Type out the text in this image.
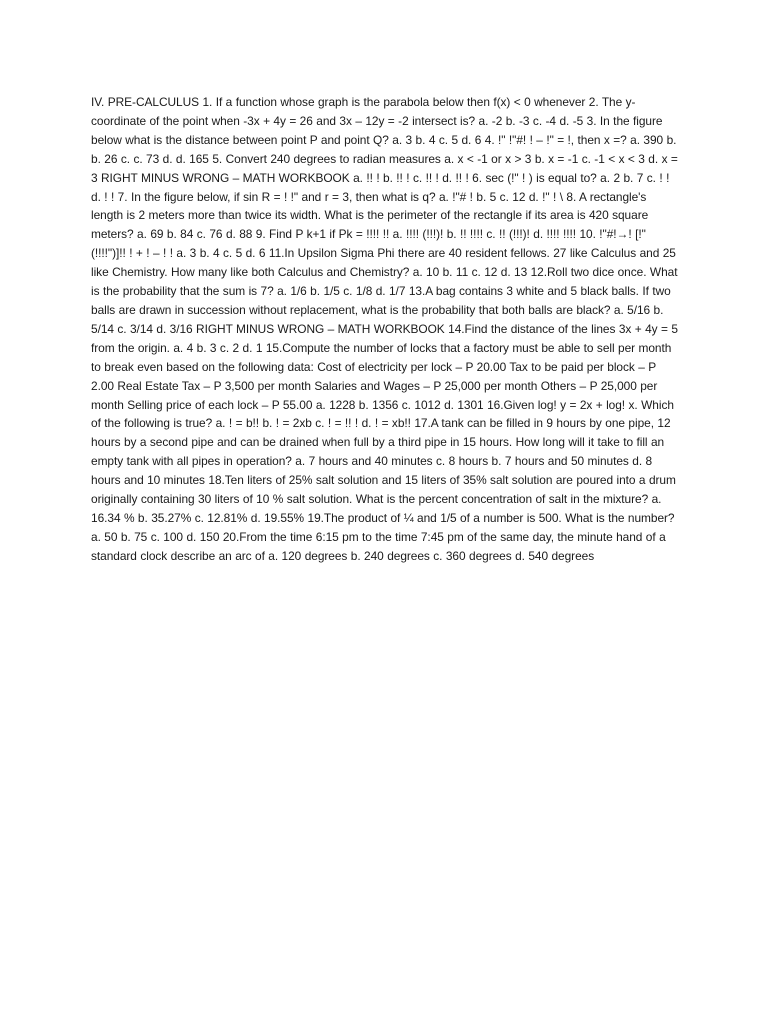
IV. PRE-CALCULUS 1. If a function whose graph is the parabola below then f(x) < 0 whenever 2. The y-coordinate of the point when -3x + 4y = 26 and 3x – 12y = -2 intersect is? a. -2 b. -3 c. -4 d. -5 3. In the figure below what is the distance between point P and point Q? a. 3 b. 4 c. 5 d. 6 4. !" !"#! ! – !" = !, then x =? a. 390 b. b. 26 c. c. 73 d. d. 165 5. Convert 240 degrees to radian measures a. x < -1 or x > 3 b. x = -1 c. -1 < x < 3 d. x = 3 RIGHT MINUS WRONG – MATH WORKBOOK a. !! ! b. !! ! c. !! ! d. !! ! 6. sec (!" ! ) is equal to? a. 2 b. 7 c. ! ! d. ! ! 7. In the figure below, if sin R = ! !" and r = 3, then what is q? a. !"# ! b. 5 c. 12 d. !" ! \ 8. A rectangle's length is 2 meters more than twice its width. What is the perimeter of the rectangle if its area is 420 square meters? a. 69 b. 84 c. 76 d. 88 9. Find P k+1 if Pk = !!!! !! a. !!!! (!!!)! b. !! !!!! c. !! (!!!)! d. !!!! !!!! 10. !"#!→! [!" (!!!!")]!! ! + ! – ! ! a. 3 b. 4 c. 5 d. 6 11.In Upsilon Sigma Phi there are 40 resident fellows. 27 like Calculus and 25 like Chemistry. How many like both Calculus and Chemistry? a. 10 b. 11 c. 12 d. 13 12.Roll two dice once. What is the probability that the sum is 7? a. 1/6 b. 1/5 c. 1/8 d. 1/7 13.A bag contains 3 white and 5 black balls. If two balls are drawn in succession without replacement, what is the probability that both balls are black? a. 5/16 b. 5/14 c. 3/14 d. 3/16 RIGHT MINUS WRONG – MATH WORKBOOK 14.Find the distance of the lines 3x + 4y = 5 from the origin. a. 4 b. 3 c. 2 d. 1 15.Compute the number of locks that a factory must be able to sell per month to break even based on the following data: Cost of electricity per lock – P 20.00 Tax to be paid per block – P 2.00 Real Estate Tax – P 3,500 per month Salaries and Wages – P 25,000 per month Others – P 25,000 per month Selling price of each lock – P 55.00 a. 1228 b. 1356 c. 1012 d. 1301 16.Given log! y = 2x + log! x. Which of the following is true? a. ! = b!! b. ! = 2xb c. ! = !! ! d. ! = xb!! 17.A tank can be filled in 9 hours by one pipe, 12 hours by a second pipe and can be drained when full by a third pipe in 15 hours. How long will it take to fill an empty tank with all pipes in operation? a. 7 hours and 40 minutes c. 8 hours b. 7 hours and 50 minutes d. 8 hours and 10 minutes 18.Ten liters of 25% salt solution and 15 liters of 35% salt solution are poured into a drum originally containing 30 liters of 10 % salt solution. What is the percent concentration of salt in the mixture? a. 16.34 % b. 35.27% c. 12.81% d. 19.55% 19.The product of ¼ and 1/5 of a number is 500. What is the number? a. 50 b. 75 c. 100 d. 150 20.From the time 6:15 pm to the time 7:45 pm of the same day, the minute hand of a standard clock describe an arc of a. 120 degrees b. 240 degrees c. 360 degrees d. 540 degrees
